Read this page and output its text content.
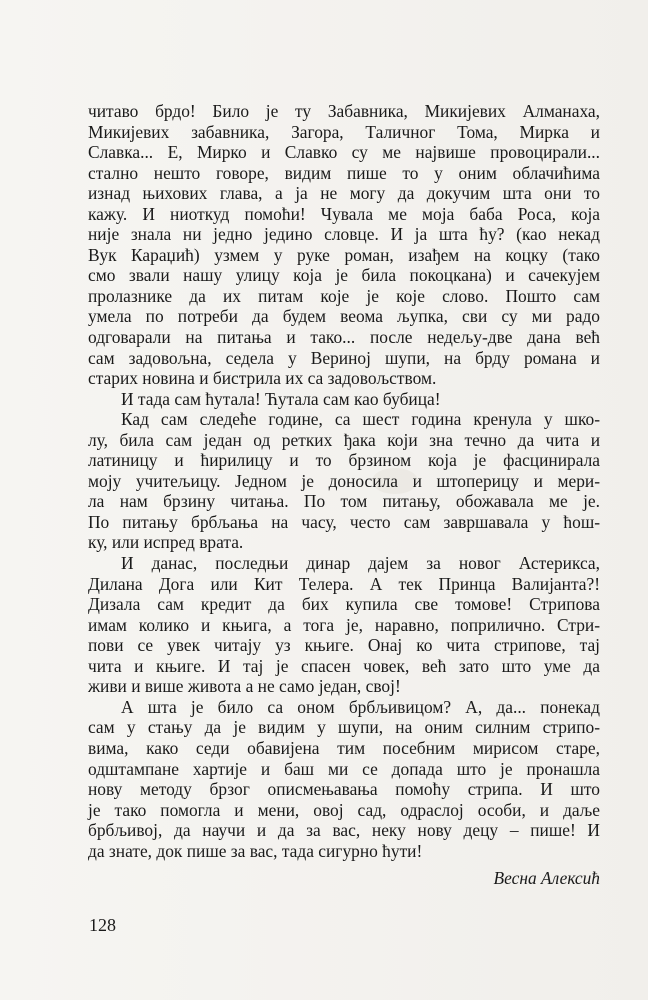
читаво брдо! Било је ту Забавника, Микијевих Алманаха,
Микијевих забавника, Загора, Таличног Тома, Мирка и
Славка... Е, Мирко и Славко су ме највише провоцирали...
стално нешто говоре, видим пише то у оним облачићима
изнад њихових глава, а ја не могу да докучим шта они то
кажу. И ниоткуд помоћи! Чувала ме моја баба Роса, која
није знала ни једно једино словце. И ја шта ћу? (као некад
Вук Караџић) узмем у руке роман, изађем на коцку (тако
смо звали нашу улицу која је била покоцкана) и сачекујем
пролазнике да их питам које је које слово. Пошто сам
умела по потреби да будем веома љупка, сви су ми радо
одговарали на питања и тако... после недељу-две дана већ
сам задовољна, седела у Вериној шупи, на брду романа и
старих новина и бистрила их са задовољством.
И тада сам ћутала! Ћутала сам као бубица!
Кад сам следеће године, са шест година кренула у шко-
лу, била сам један од ретких ђака који зна течно да чита и
латиницу и ћирилицу и то брзином која је фасцинирала
моју учитељицу. Једном је доносила и штоперицу и мери-
ла нам брзину читања. По том питању, обожавала ме је.
По питању брбљања на часу, често сам завршавала у ћош-
ку, или испред врата.
И данас, последњи динар дајем за новог Астерикса,
Дилана Дога или Кит Телера. А тек Принца Валијанта?!
Дизала сам кредит да бих купила све томове! Стрипова
имам колико и књига, а тога је, наравно, поприлично. Стри-
пови се увек читају уз књиге. Онај ко чита стрипове, тај
чита и књиге. И тај је спасен човек, већ зато што уме да
живи и више живота а не само један, свој!
А шта је било са оном брбљивицом? А, да... понекад
сам у стању да је видим у шупи, на оним силним стрипо-
вима, како седи обавијена тим посебним мирисом старе,
одштампане хартије и баш ми се допада што је пронашла
нову методу брзог описмењавања помоћу стрипа. И што
је тако помогла и мени, овој сад, одраслој особи, и даље
брбљивој, да научи и да за вас, неку нову децу – пише! И
да знате, док пише за вас, тада сигурно ћути!
Весна Алексић
128
